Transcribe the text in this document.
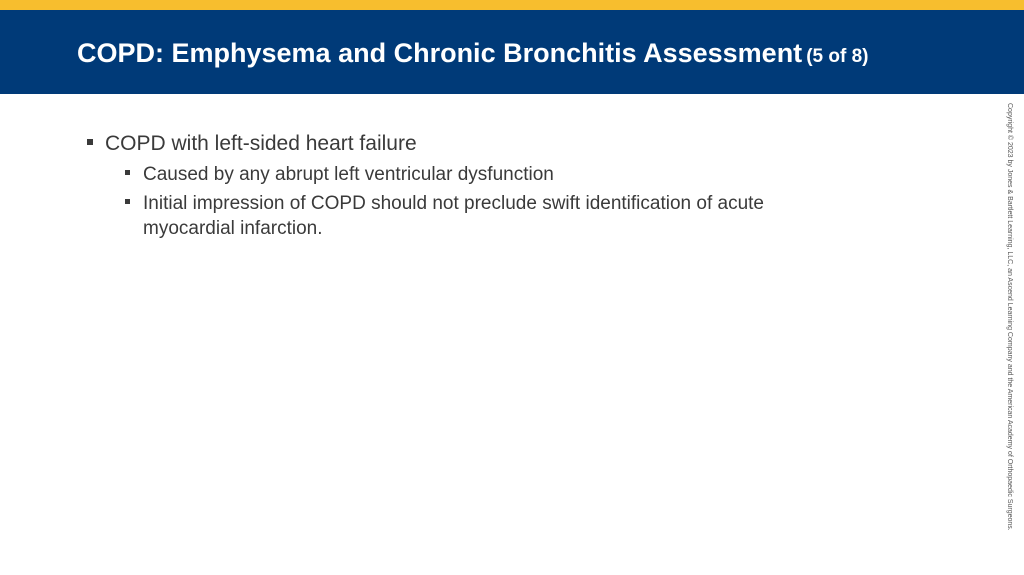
COPD: Emphysema and Chronic Bronchitis Assessment (5 of 8)
COPD with left-sided heart failure
Caused by any abrupt left ventricular dysfunction
Initial impression of COPD should not preclude swift identification of acute myocardial infarction.	Copyright © 2023 by Jones & Bartlett Learning, LLC, an Ascend Learning Company and the American Academy of Orthopaedic Surgeons.
